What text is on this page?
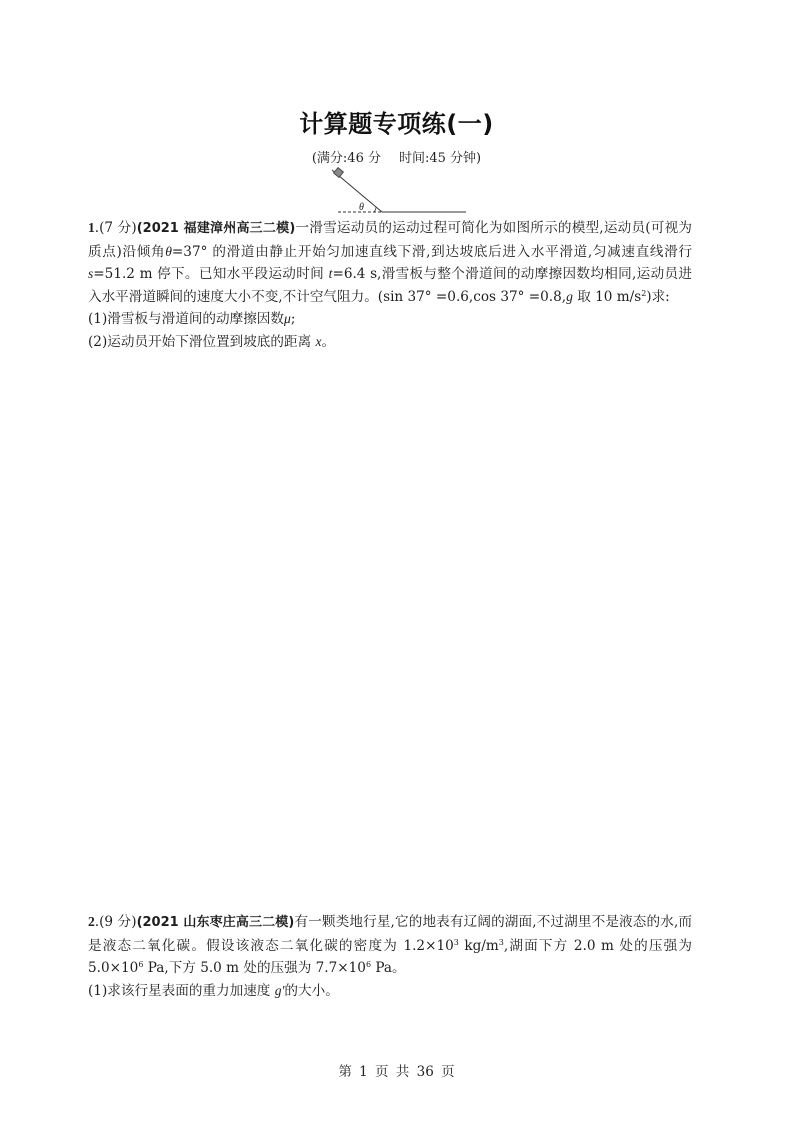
计算题专项练(一)
(满分:46 分 时间:45 分钟)
θ

1.(7 分)(2021 福建漳州高三二模)一滑雪运动员的运动过程可简化为如图所示的模型,运动员(可视为质点)沿倾角θ=37° 的滑道由静止开始匀加速直线下滑,到达坡底后进入水平滑道,匀减速直线滑行 s=51.2 m 停下。已知水平段运动时间 t=6.4 s,滑雪板与整个滑道间的动摩擦因数均相同,运动员进入水平滑道瞬间的速度大小不变,不计空气阻力。(sin 37° =0.6,cos 37° =0.8,g 取 10 $m/s^2$)求:

(1)滑雪板与滑道间的动摩擦因数μ;

(2)运动员开始下滑位置到坡底的距离 x。

2.(9 分)(2021 山东枣庄高三二模)有一颗类地行星,它的地表有辽阔的湖面,不过湖里不是液态的水,而是液态二氧化碳。假设该液态二氧化碳的密度为 $1.2\times 10^3$ $kg/m^3$,湖面下方 2.0 m 处的压强为 $5.0\times 10^6$ Pa,下方 5.0 m 处的压强为 $7.7\times 10^6$ Pa。

(1)求该行星表面的重力加速度 g'的大小。

第 1 页 共 36 页
